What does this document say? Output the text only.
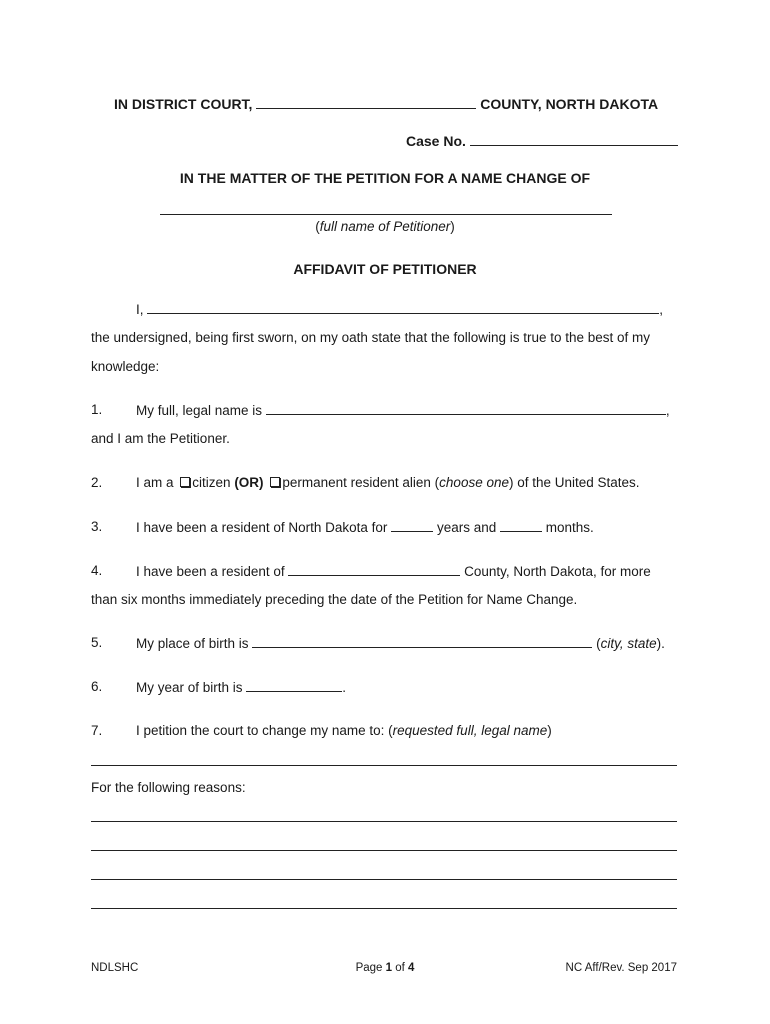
IN DISTRICT COURT,	COUNTY, NORTH DAKOTA
Case No.
IN THE MATTER OF THE PETITION FOR A NAME CHANGE OF
(full name of Petitioner)
AFFIDAVIT OF PETITIONER
I,	,
the undersigned, being first sworn, on my oath state that the following is true to the best of my
knowledge:
1. My full, legal name is	,
and I am the Petitioner.
2. I am a citizen (OR) permanent resident alien (choose one) of the United States.
3. I have been a resident of North Dakota for	years and	months.
4. I have been a resident of	County, North Dakota, for more
than six months immediately preceding the date of the Petition for Name Change.
5. My place of birth is	(city, state).
6. My year of birth is	.
7. I petition the court to change my name to: (requested full, legal name)
For the following reasons:
NDLSHC	Page 1 of 4	NC Aff/Rev. Sep 2017
